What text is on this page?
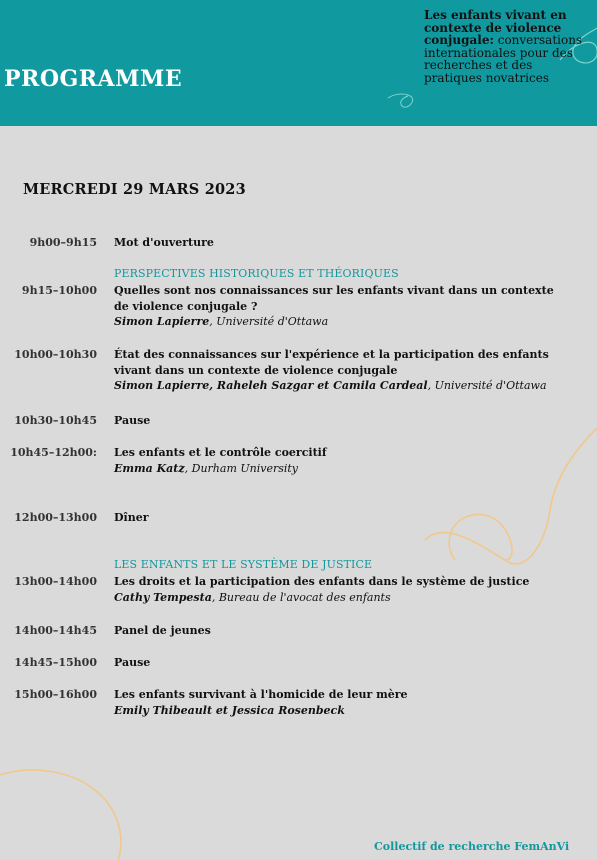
PROGRAMME
Les enfants vivant en contexte de violence conjugale: conversations internationales pour des recherches et des pratiques novatrices
MERCREDI 29 MARS 2023
9h00–9h15 Mot d'ouverture
PERSPECTIVES HISTORIQUES ET THÉORIQUES
9h15–10h00 Quelles sont nos connaissances sur les enfants vivant dans un contexte de violence conjugale ?
Simon Lapierre, Université d'Ottawa
10h00–10h30 État des connaissances sur l'expérience et la participation des enfants vivant dans un contexte de violence conjugale
Simon Lapierre, Raheleh Sazgar et Camila Cardeal, Université d'Ottawa
10h30–10h45 Pause
10h45–12h00: Les enfants et le contrôle coercitif
Emma Katz, Durham University
12h00–13h00 Dîner
LES ENFANTS ET LE SYSTÈME DE JUSTICE
13h00–14h00 Les droits et la participation des enfants dans le système de justice
Cathy Tempesta, Bureau de l'avocat des enfants
14h00–14h45 Panel de jeunes
14h45–15h00 Pause
15h00–16h00 Les enfants survivant à l'homicide de leur mère
Emily Thibeault et Jessica Rosenbeck
Collectif de recherche FemAnVi
